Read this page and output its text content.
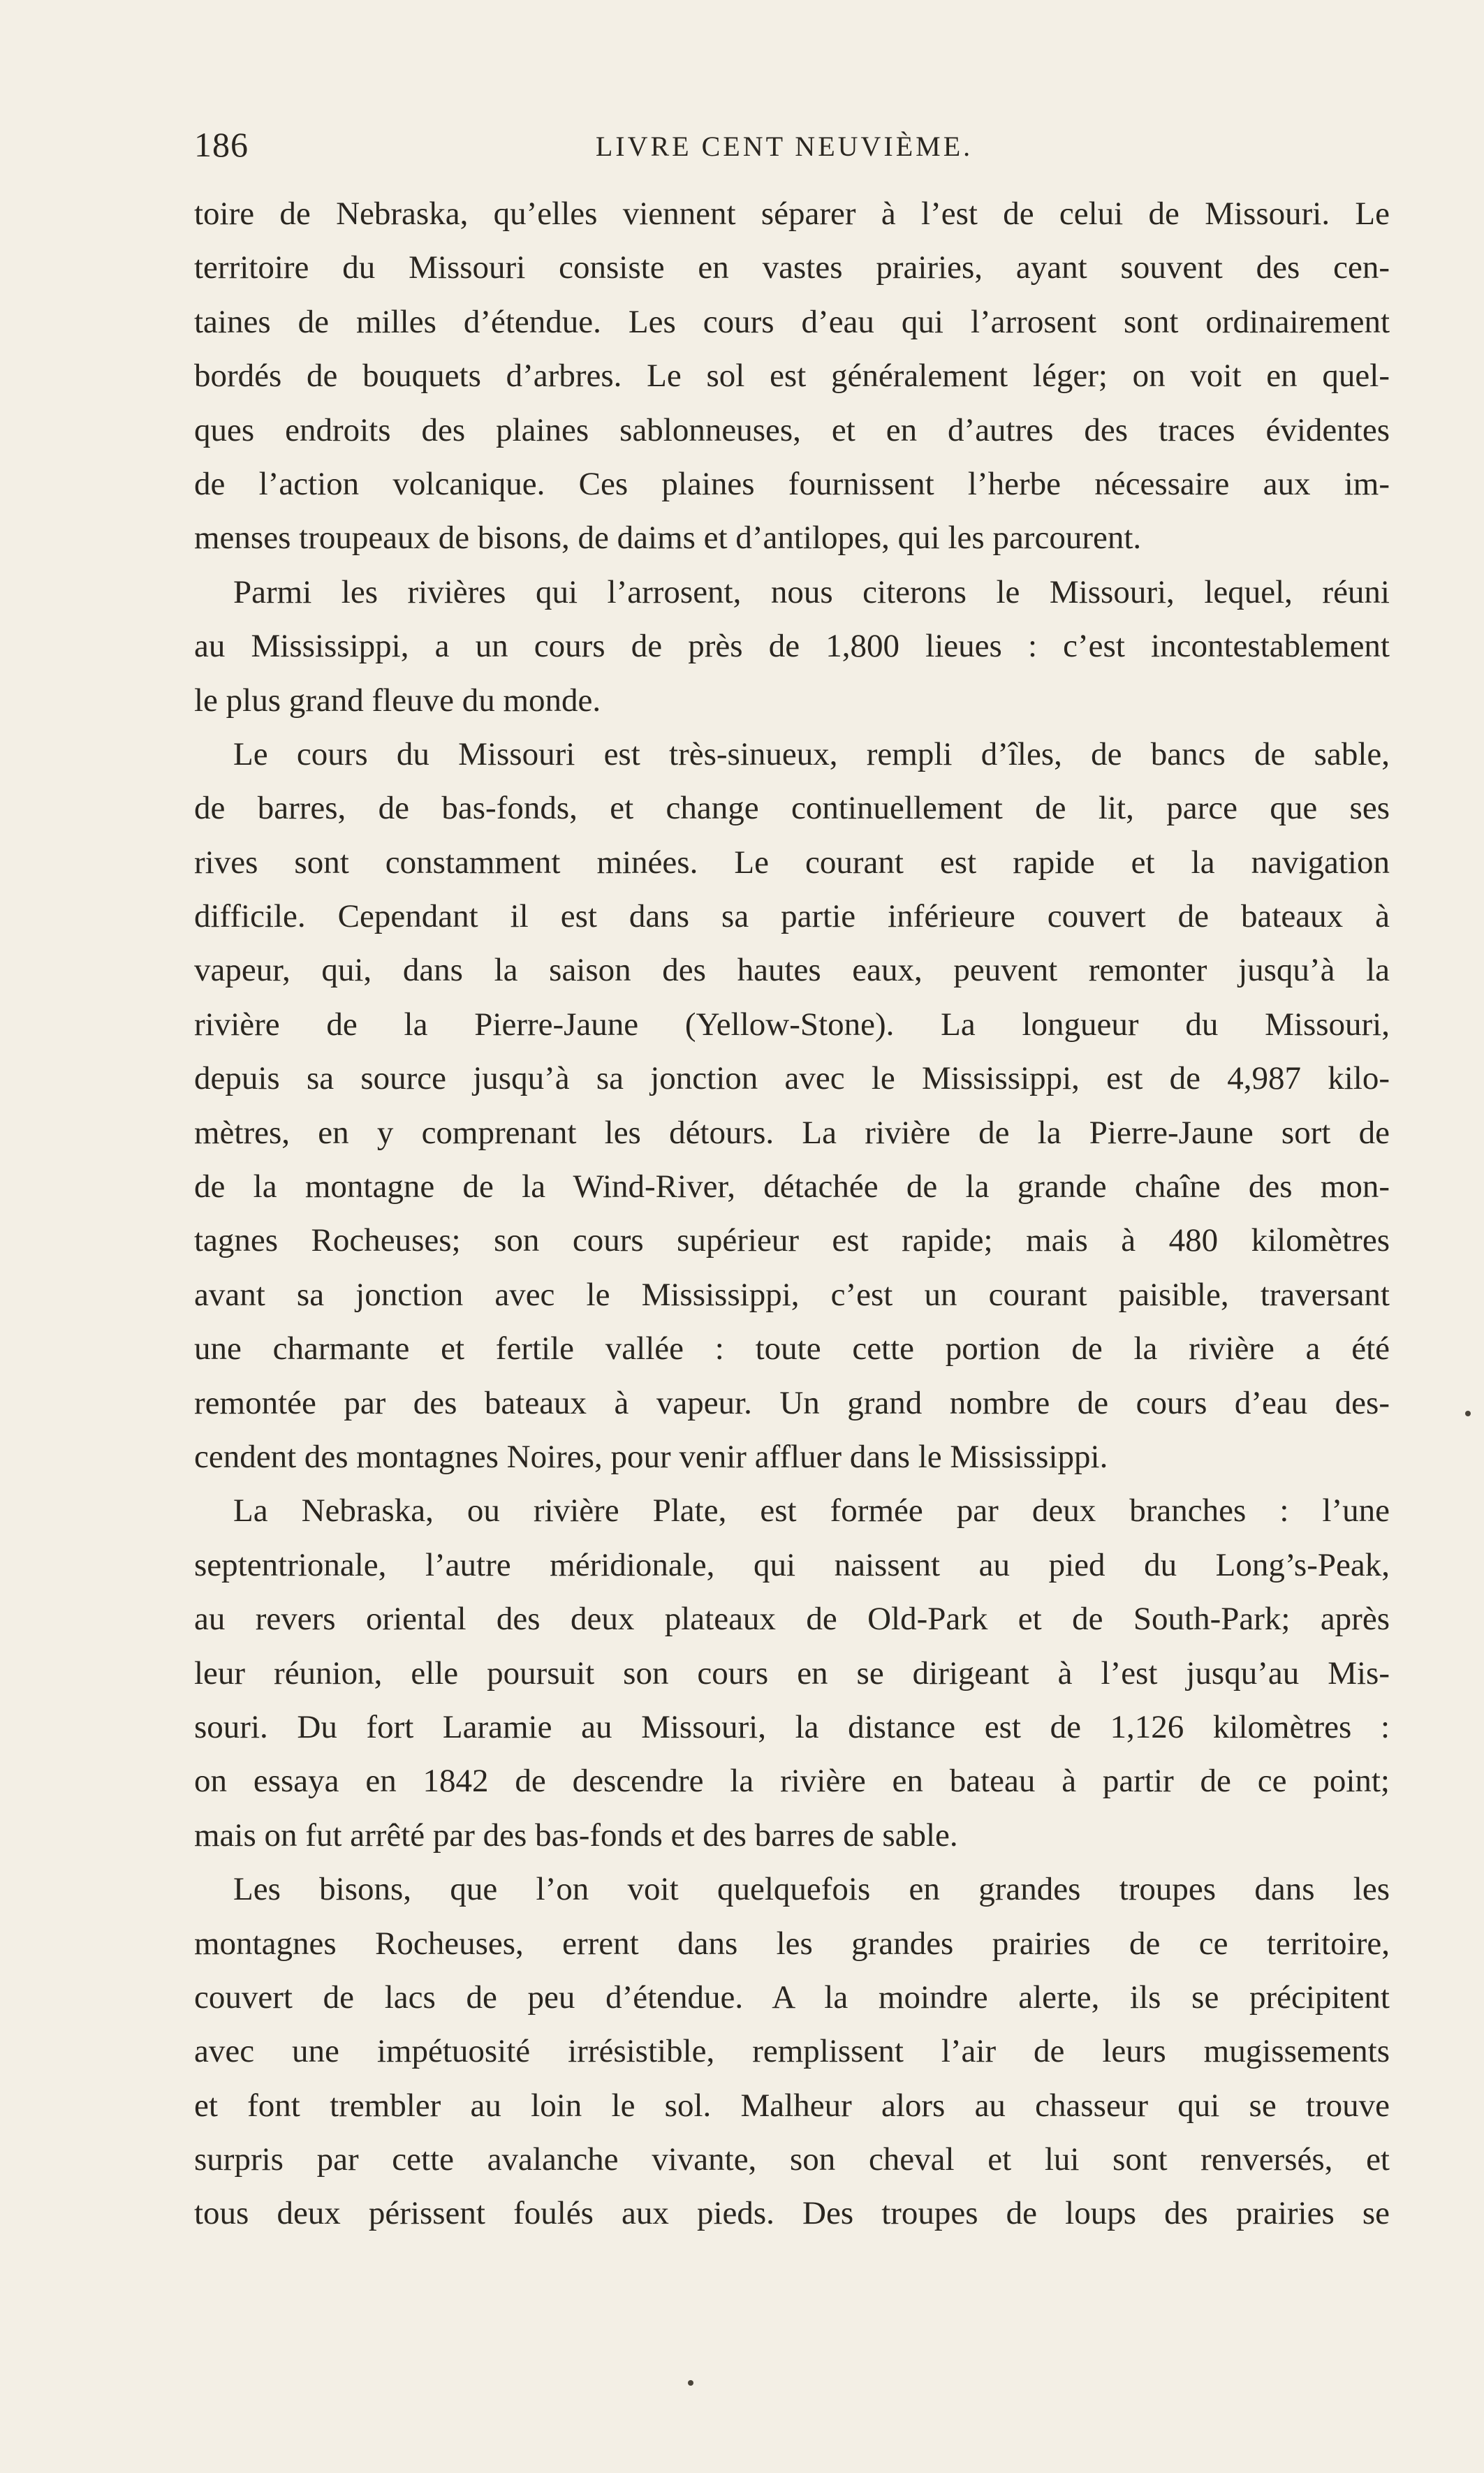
186	LIVRE CENT NEUVIÈME.
toire de Nebraska, qu’elles viennent séparer à l’est de celui de Missouri. Le
territoire du Missouri consiste en vastes prairies, ayant souvent des cen-
taines de milles d’étendue. Les cours d’eau qui l’arrosent sont ordinairement
bordés de bouquets d’arbres. Le sol est généralement léger; on voit en quel-
ques endroits des plaines sablonneuses, et en d’autres des traces évidentes
de l’action volcanique. Ces plaines fournissent l’herbe nécessaire aux im-
menses troupeaux de bisons, de daims et d’antilopes, qui les parcourent.
Parmi les rivières qui l’arrosent, nous citerons le Missouri, lequel, réuni
au Mississippi, a un cours de près de 1,800 lieues : c’est incontestablement
le plus grand fleuve du monde.
Le cours du Missouri est très-sinueux, rempli d’îles, de bancs de sable,
de barres, de bas-fonds, et change continuellement de lit, parce que ses
rives sont constamment minées. Le courant est rapide et la navigation
difficile. Cependant il est dans sa partie inférieure couvert de bateaux à
vapeur, qui, dans la saison des hautes eaux, peuvent remonter jusqu’à la
rivière de la Pierre-Jaune (Yellow-Stone). La longueur du Missouri,
depuis sa source jusqu’à sa jonction avec le Mississippi, est de 4,987 kilo-
mètres, en y comprenant les détours. La rivière de la Pierre-Jaune sort de
de la montagne de la Wind-River, détachée de la grande chaîne des mon-
tagnes Rocheuses; son cours supérieur est rapide; mais à 480 kilomètres
avant sa jonction avec le Mississippi, c’est un courant paisible, traversant
une charmante et fertile vallée : toute cette portion de la rivière a été
remontée par des bateaux à vapeur. Un grand nombre de cours d’eau des-
cendent des montagnes Noires, pour venir affluer dans le Mississippi.
La Nebraska, ou rivière Plate, est formée par deux branches : l’une
septentrionale, l’autre méridionale, qui naissent au pied du Long’s-Peak,
au revers oriental des deux plateaux de Old-Park et de South-Park; après
leur réunion, elle poursuit son cours en se dirigeant à l’est jusqu’au Mis-
souri. Du fort Laramie au Missouri, la distance est de 1,126 kilomètres :
on essaya en 1842 de descendre la rivière en bateau à partir de ce point;
mais on fut arrêté par des bas-fonds et des barres de sable.
Les bisons, que l’on voit quelquefois en grandes troupes dans les
montagnes Rocheuses, errent dans les grandes prairies de ce territoire,
couvert de lacs de peu d’étendue. A la moindre alerte, ils se précipitent
avec une impétuosité irrésistible, remplissent l’air de leurs mugissements
et font trembler au loin le sol. Malheur alors au chasseur qui se trouve
surpris par cette avalanche vivante, son cheval et lui sont renversés, et
tous deux périssent foulés aux pieds. Des troupes de loups des prairies se
